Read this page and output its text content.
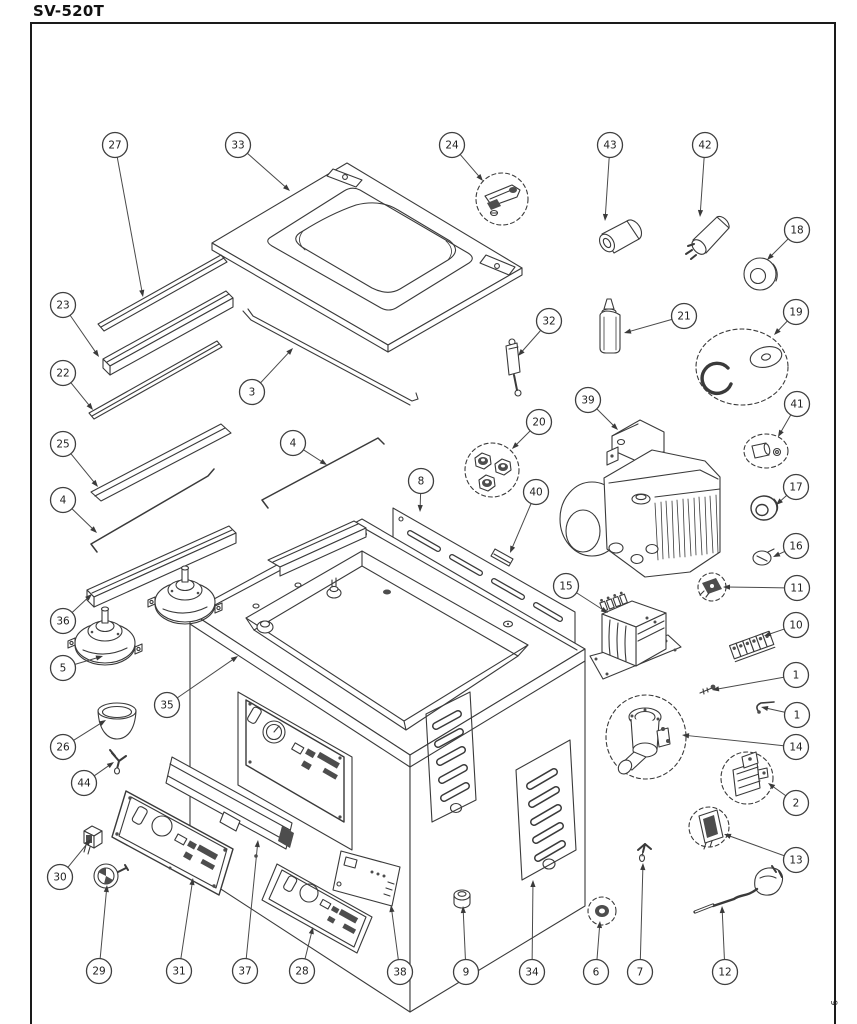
SV-520T
9
27	33	24	43	42
18
23
22
3
32	21	19
25
4
4
8
20
39
40
41
17
16
36
5
15	11
10
35
26
1
1
14
44
2
30
13
29	31	37	28	38	9	34	6	7	12
